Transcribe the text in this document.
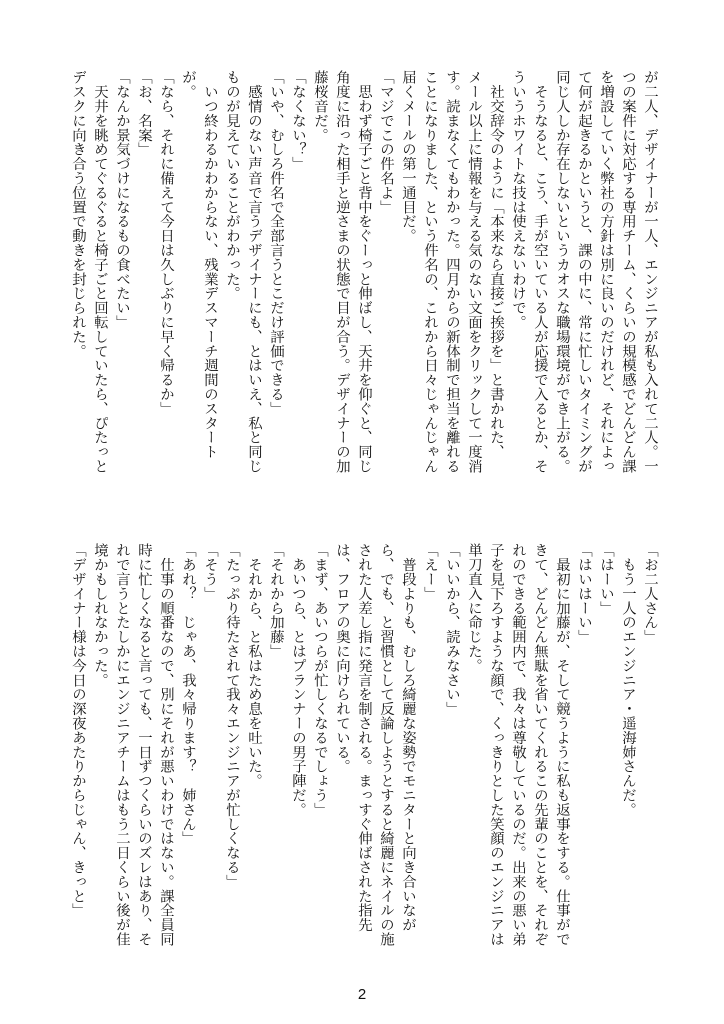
が二人、デザイナーが一人、エンジニアが私も入れて二人。一
つの案件に対応する専用チーム、くらいの規模感でどんどん課
を増設していく弊社の方針は別に良いのだけれど、それによっ
て何が起きるかというと、課の中に、常に忙しいタイミングが
同じ人しか存在しないというカオスな職場環境ができ上がる。
　そうなると、こう、手が空いている人が応援で入るとか、そ
ういうホワイトな技は使えないわけで。
　社交辞令のように「本来なら直接ご挨拶を」と書かれた、
メール以上に情報を与える気のない文面をクリックして一度消
す。読まなくてもわかった。四月からの新体制で担当を離れる
ことになりました、という件名の、これから日々じゃんじゃん
届くメールの第一通目だ。
「マジでこの件名よ」
　思わず椅子ごと背中をぐーっと伸ばし、天井を仰ぐと、同じ
角度に沿った相手と逆さまの状態で目が合う。デザイナーの加
藤桜音だ。
「なくない？」
「いや、むしろ件名で全部言うとこだけ評価できる」
　感情のない声音で言うデザイナーにも、とはいえ、私と同じ
ものが見えていることがわかった。
　いつ終わるかわからない、残業デスマーチ週間のスタート
が。
「なら、それに備えて今日は久しぶりに早く帰るか」
「お、名案」
「なんか景気づけになるもの食べたい」
　天井を眺めてぐるぐると椅子ごと回転していたら、ぴたっと
デスクに向き合う位置で動きを封じられた。
「お二人さん」
　もう一人のエンジニア・遥海姉さんだ。
「はーい」
「はいはーい」
　最初に加藤が、そして競うように私も返事をする。仕事がで
きて、どんどん無駄を省いてくれるこの先輩のことを、それぞ
れのできる範囲内で、我々は尊敬しているのだ。出来の悪い弟
子を見下ろすような顔で、くっきりとした笑顔のエンジニアは
単刀直入に命じた。
「いいから、読みなさい」
「えー」
　普段よりも、むしろ綺麗な姿勢でモニターと向き合いなが
ら、でも、と習慣として反論しようとすると綺麗にネイルの施
された人差し指に発言を制される。まっすぐ伸ばされた指先
は、フロアの奥に向けられている。
「まず、あいつらが忙しくなるでしょう」
　あいつら、とはプランナーの男子陣だ。
「それから加藤」
　それから、と私はため息を吐いた。
「たっぷり待たされて我々エンジニアが忙しくなる」
「そう」
「あれ？　じゃあ、我々帰ります？　姉さん」
　仕事の順番なので、別にそれが悪いわけではない。課全員同
時に忙しくなると言っても、一日ずつくらいのズレはあり、そ
れで言うとたしかにエンジニアチームはもう二日くらい後が佳
境かもしれなかった。
「デザイナー様は今日の深夜あたりからじゃん、きっと」
2
